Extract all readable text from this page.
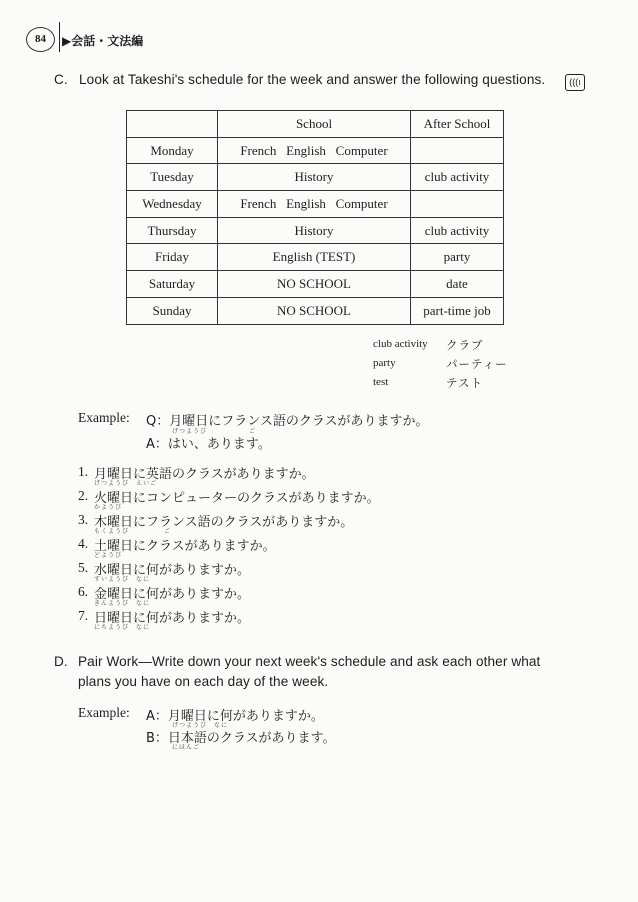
84	▶会話・文法編
C. Look at Takeshi's schedule for the week and answer the following questions.	(((ı
	School	After School
Monday	French   English   Computer	
Tuesday	History	club activity
Wednesday	French   English   Computer	
Thursday	History	club activity
Friday	English (TEST)	party
Saturday	NO SCHOOL	date
Sunday	NO SCHOOL	part-time job
club activity クラブ
party	パーティー
test	テスト
Example: Q：月曜日にフランス語のクラスがありますか。
げつようび　　　　　　ご
A：はい、あります。
1. 月曜日に英語のクラスがありますか。
げつようび　えいご
2. 火曜日にコンピューターのクラスがありますか。
かようび
3. 木曜日にフランス語のクラスがありますか。
もくようび　　　　　ご
4. 土曜日にクラスがありますか。
どようび
5. 水曜日に何がありますか。
すいようび　なに
6. 金曜日に何がありますか。
きんようび　なに
7. 日曜日に何がありますか。
にちようび　なに
D. Pair Work—Write down your next week's schedule and ask each other what
plans you have on each day of the week.
Example: A：月曜日に何がありますか。
げつようび　なに
B：日本語のクラスがあります。
にほんご
